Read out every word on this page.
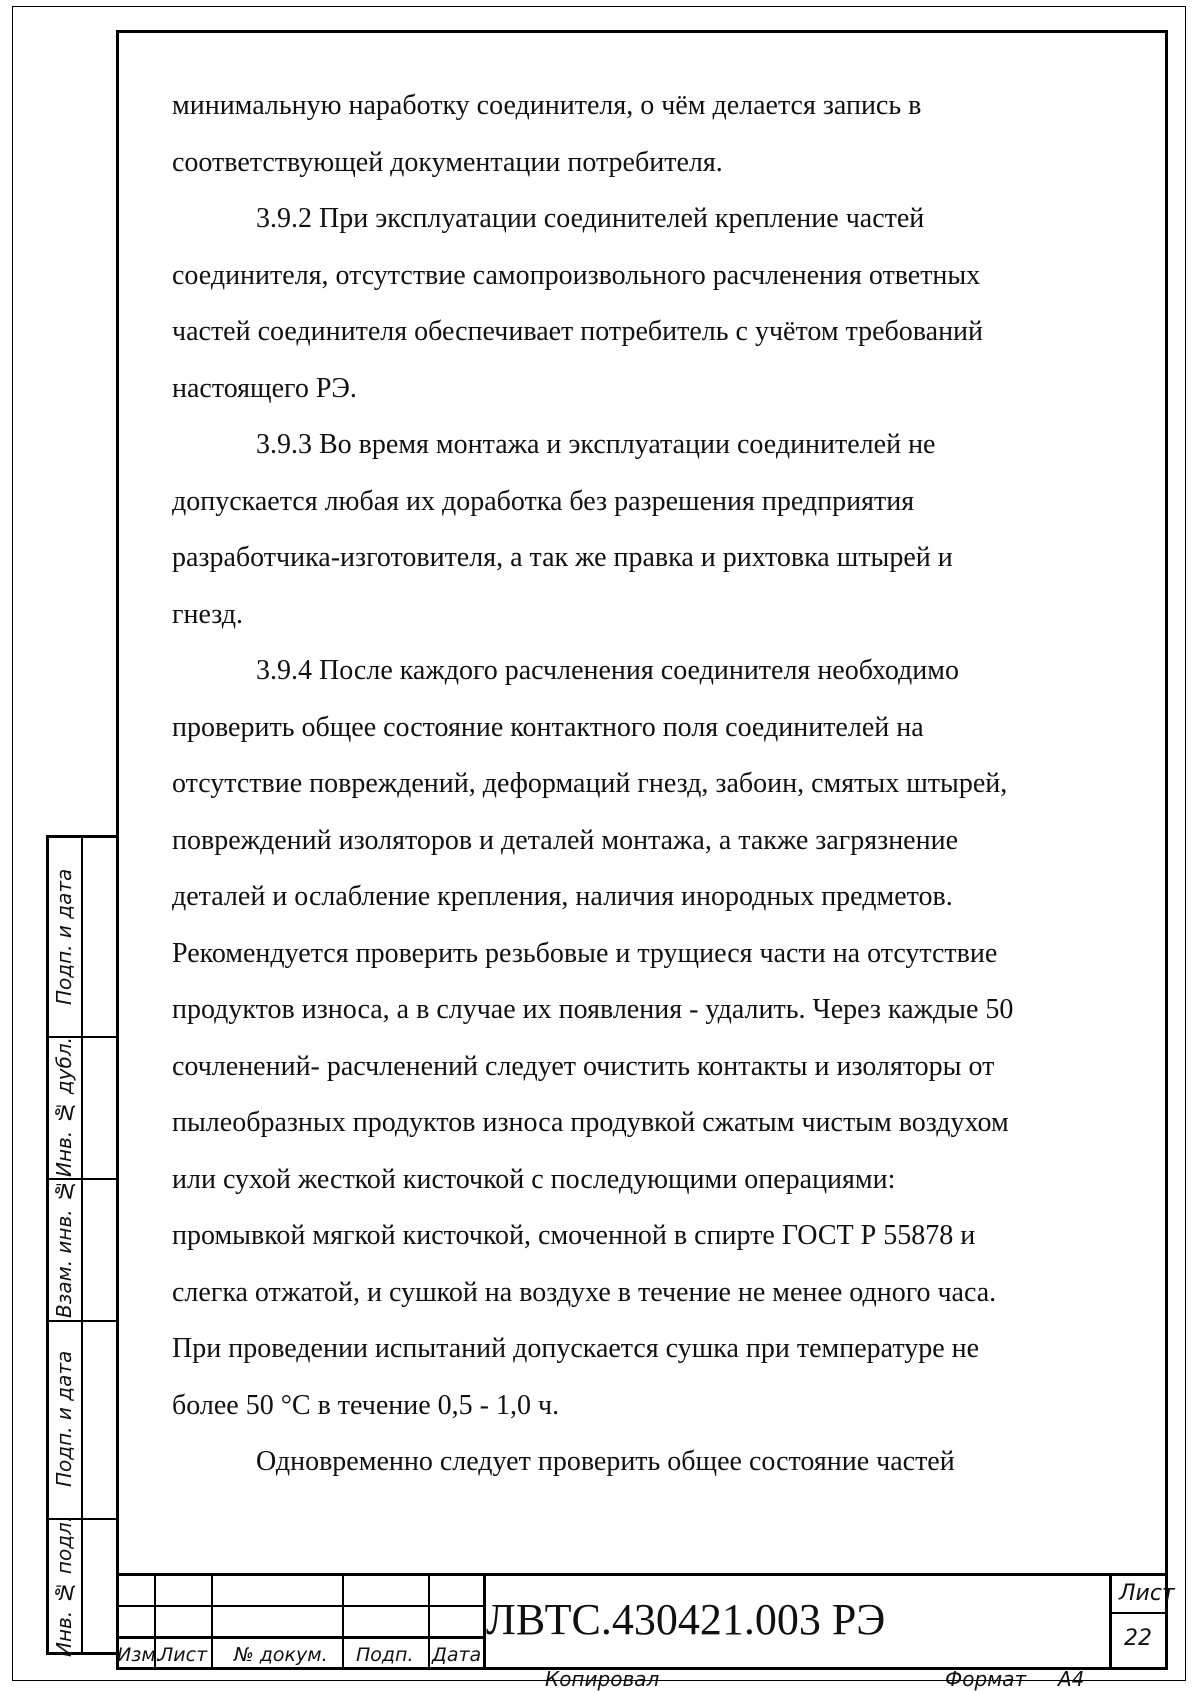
минимальную наработку соединителя, о чём делается запись в

соответствующей документации потребителя.

3.9.2 При эксплуатации соединителей крепление частей

соединителя, отсутствие самопроизвольного расчленения ответных

частей соединителя обеспечивает потребитель с учётом требований

настоящего РЭ.

3.9.3 Во время монтажа и эксплуатации соединителей не

допускается любая их доработка без разрешения предприятия

разработчика-изготовителя, а так же правка и рихтовка штырей и

гнезд.

3.9.4 После каждого расчленения соединителя необходимо

проверить общее состояние контактного поля соединителей на

отсутствие повреждений, деформаций гнезд, забоин, смятых штырей,

повреждений изоляторов и деталей монтажа, а также загрязнение

деталей и ослабление крепления, наличия инородных предметов.

Рекомендуется проверить резьбовые и трущиеся части на отсутствие

продуктов износа, а в случае их появления - удалить. Через каждые 50

сочленений- расчленений следует очистить контакты и изоляторы от

пылеобразных продуктов износа продувкой сжатым чистым воздухом

или сухой жесткой кисточкой с последующими операциями:

промывкой мягкой кисточкой, смоченной в спирте ГОСТ Р 55878 и

слегка отжатой, и сушкой на воздухе в течение не менее одного часа.

При проведении испытаний допускается сушка при температуре не

более 50 °С в течение 0,5 - 1,0 ч.

Одновременно следует проверить общее состояние частей

Подп. и дата
Инв. № дубл.
Взам. инв. №
Подп. и дата
Инв. № подл. Изм.
Лист № докум. Подп. Дата
ЛВТС.430421.003 РЭ
Лист
22
Копировал	Формат А4
